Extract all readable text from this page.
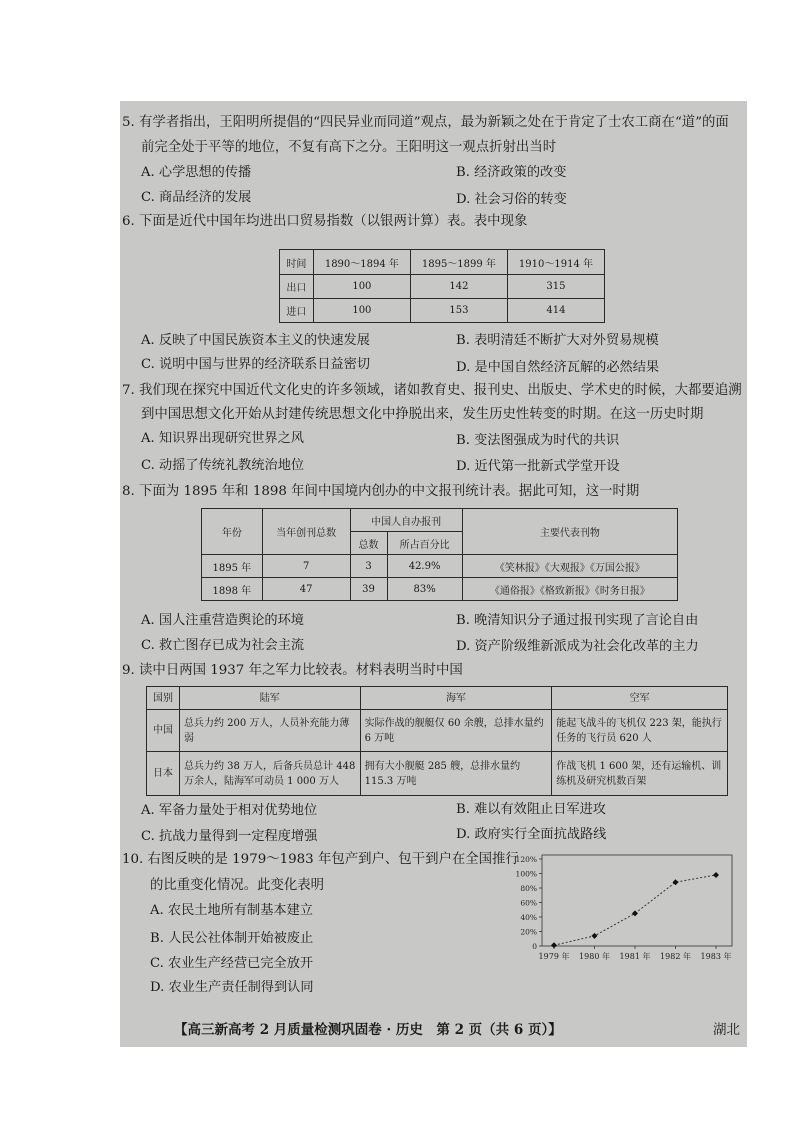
5. 有学者指出，王阳明所提倡的“四民异业而同道”观点，最为新颖之处在于肯定了士农工商在“道”的面
前完全处于平等的地位，不复有高下之分。王阳明这一观点折射出当时
A. 心学思想的传播	B. 经济政策的改变
C. 商品经济的发展	D. 社会习俗的转变
6. 下面是近代中国年均进出口贸易指数（以银两计算）表。表中现象
时间	1890～1894 年	1895～1899 年	1910～1914 年
出口	100	142	315
进口	100	153	414
A. 反映了中国民族资本主义的快速发展	B. 表明清廷不断扩大对外贸易规模
C. 说明中国与世界的经济联系日益密切	D. 是中国自然经济瓦解的必然结果
7. 我们现在探究中国近代文化史的许多领域，诸如教育史、报刊史、出版史、学术史的时候，大都要追溯
到中国思想文化开始从封建传统思想文化中挣脱出来，发生历史性转变的时期。在这一历史时期
A. 知识界出现研究世界之风	B. 变法图强成为时代的共识
C. 动摇了传统礼教统治地位	D. 近代第一批新式学堂开设
8. 下面为 1895 年和 1898 年间中国境内创办的中文报刊统计表。据此可知，这一时期
年份	当年创刊总数	中国人自办报刊		主要代表刊物
		总数	所占百分比	
1895 年	7	3	42.9%	《笑林报》《大观报》《万国公报》
1898 年	47	39	83%	《通俗报》《格致新报》《时务日报》
A. 国人注重营造舆论的环境	B. 晚清知识分子通过报刊实现了言论自由
C. 救亡图存已成为社会主流	D. 资产阶级维新派成为社会化改革的主力
9. 读中日两国 1937 年之军力比较表。材料表明当时中国
国别	陆军	海军	空军
中国	总兵力约 200 万人，人员补充能力薄弱	实际作战的舰艇仅 60 余艘，总排水量约 6 万吨	能起飞战斗的飞机仅 223 架，能执行任务的飞行员 620 人
日本	总兵力约 38 万人，后备兵员总计 448 万余人，陆海军可动员 1 000 万人	拥有大小舰艇 285 艘，总排水量约 115.3 万吨	作战飞机 1 600 架，还有运输机、训练机及研究机数百架
A. 军备力量处于相对优势地位	B. 难以有效阻止日军进攻
C. 抗战力量得到一定程度增强	D. 政府实行全面抗战路线
10. 右图反映的是 1979～1983 年包产到户、包干到户在全国推行
的比重变化情况。此变化表明
A. 农民土地所有制基本建立
B. 人民公社体制开始被废止
C. 农业生产经营已完全放开
D. 农业生产责任制得到认同
0
20%
40%
60%
80%
100%
120%
1979 年 1980 年 1981 年 1982 年 1983 年
【高三新高考 2 月质量检测巩固卷 · 历史　第 2 页（共 6 页）】	湖北
